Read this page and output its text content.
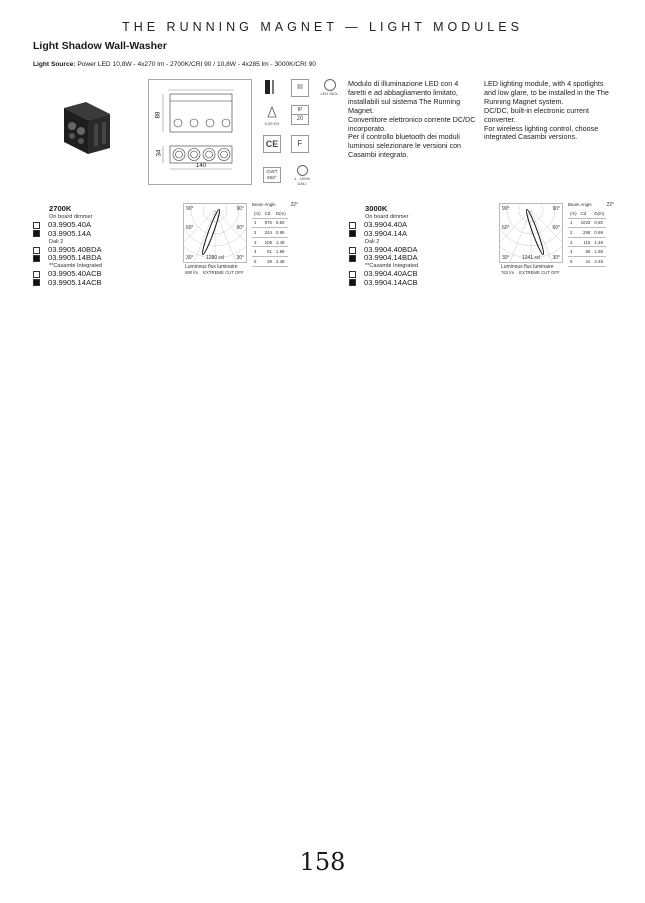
THE RUNNING MAGNET — LIGHT MODULES
Light Shadow Wall-Washer
Light Source: Power LED 10,8W - 4x270 lm - 2700K/CRI 90 / 10,8W - 4x285 lm - 3000K/CRI 90
88
34
140
III
LED INCL.
0,39 KG
IP
20
CE	F
GWT 850°	1 - 100%
DALI

Modulo di illuminazione LED con 4 faretti e ad abbagliamento limitato, installabili sul sistema The Running Magnet.

Convertitore elettronico corrente DC/DC incorporato.

Per il controllo bluetooth dei moduli luminosi selezionare le versioni con Casambi integrato.

LED lighting module, with 4 spotlights and low glare, to be installed in the The Running Magnet system.

DC/DC, built-in electronic current converter.

For wireless lighting control, choose integrated Casambi versions.

2700K
On board dimmer
03.9905.40A
03.9905.14A
Dali 2
03.9905.40BDA
03.9905.14BDA
**Casambi Integrated
03.9905.40ACB
03.9905.14ACB
90°	90°
60°	60°
30° 1280 cd	30°
Luminous flux luminaire
690 lm EXTREME CUT OFF
Beam Angle	22°
(m)	Cd	D(m)
1	976	0.50
2	244	0.99
3	109	1.49
4	61	1.99
5	39	2.48
3000K
On board dimmer
03.9904.40A
03.9904.14A
Dali 2
03.9904.40BDA
03.9904.14BDA
**Casambi Integrated
03.9904.40ACB
03.9904.14ACB
90°	90°
60°	60°
30° 1341 cd	30°
Luminous flux luminaire
762 lm EXTREME CUT OFF
Beam Angle	22°
(m)	Cd	D(m)
1	1033	0.50
2	258	0.99
3	115	1.49
4	65	1.98
5	41	2.48
158
